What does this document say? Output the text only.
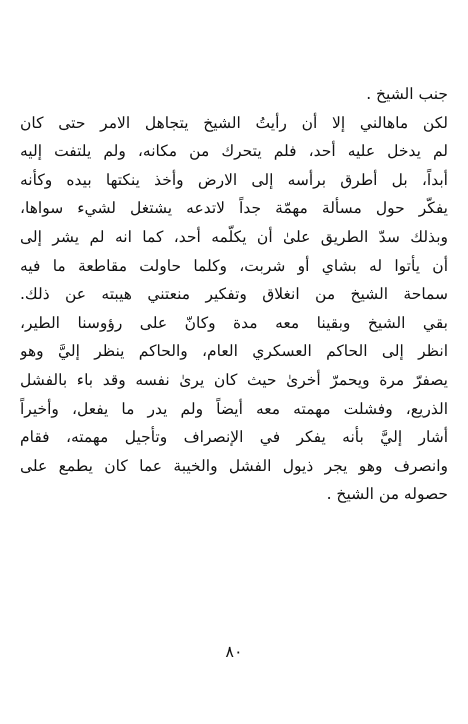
جنب الشيخ .
لكن ماهالني إلا أن رأيتُ الشيخ يتجاهل الامر حتى كان
لم يدخل عليه أحد، فلم يتحرك من مكانه، ولم يلتفت إليه
أبداً، بل أطرق برأسه إلى الارض وأخذ ينكتها بيده وكأنه
يفكّر حول مسألة مهمّة جداً لاتدعه يشتغل لشيء سواها،
وبذلك سدّ الطريق علىٰ أن يكلّمه أحد، كما انه لم يشر إلى
أن يأتوا له بشاي أو شربت، وكلما حاولت مقاطعة ما فيه
سماحة الشيخ من انغلاق وتفكير منعتني هيبته عن ذلك.
بقي الشيخ وبقينا معه مدة وكانّ على رؤوسنا الطير،
انظر إلى الحاكم العسكري العام، والحاكم ينظر إليَّ وهو
يصفرّ مرة ويحمرّ أخرىٰ حيث كان يرىٰ نفسه وقد باء بالفشل
الذريع، وفشلت مهمته معه أيضاً ولم يدر ما يفعل، وأخيراً
أشار إليَّ بأنه يفكر في الإنصراف وتأجيل مهمته، فقام
وانصرف وهو يجر ذيول الفشل والخيبة عما كان يطمع على
حصوله من الشيخ .
٨٠
